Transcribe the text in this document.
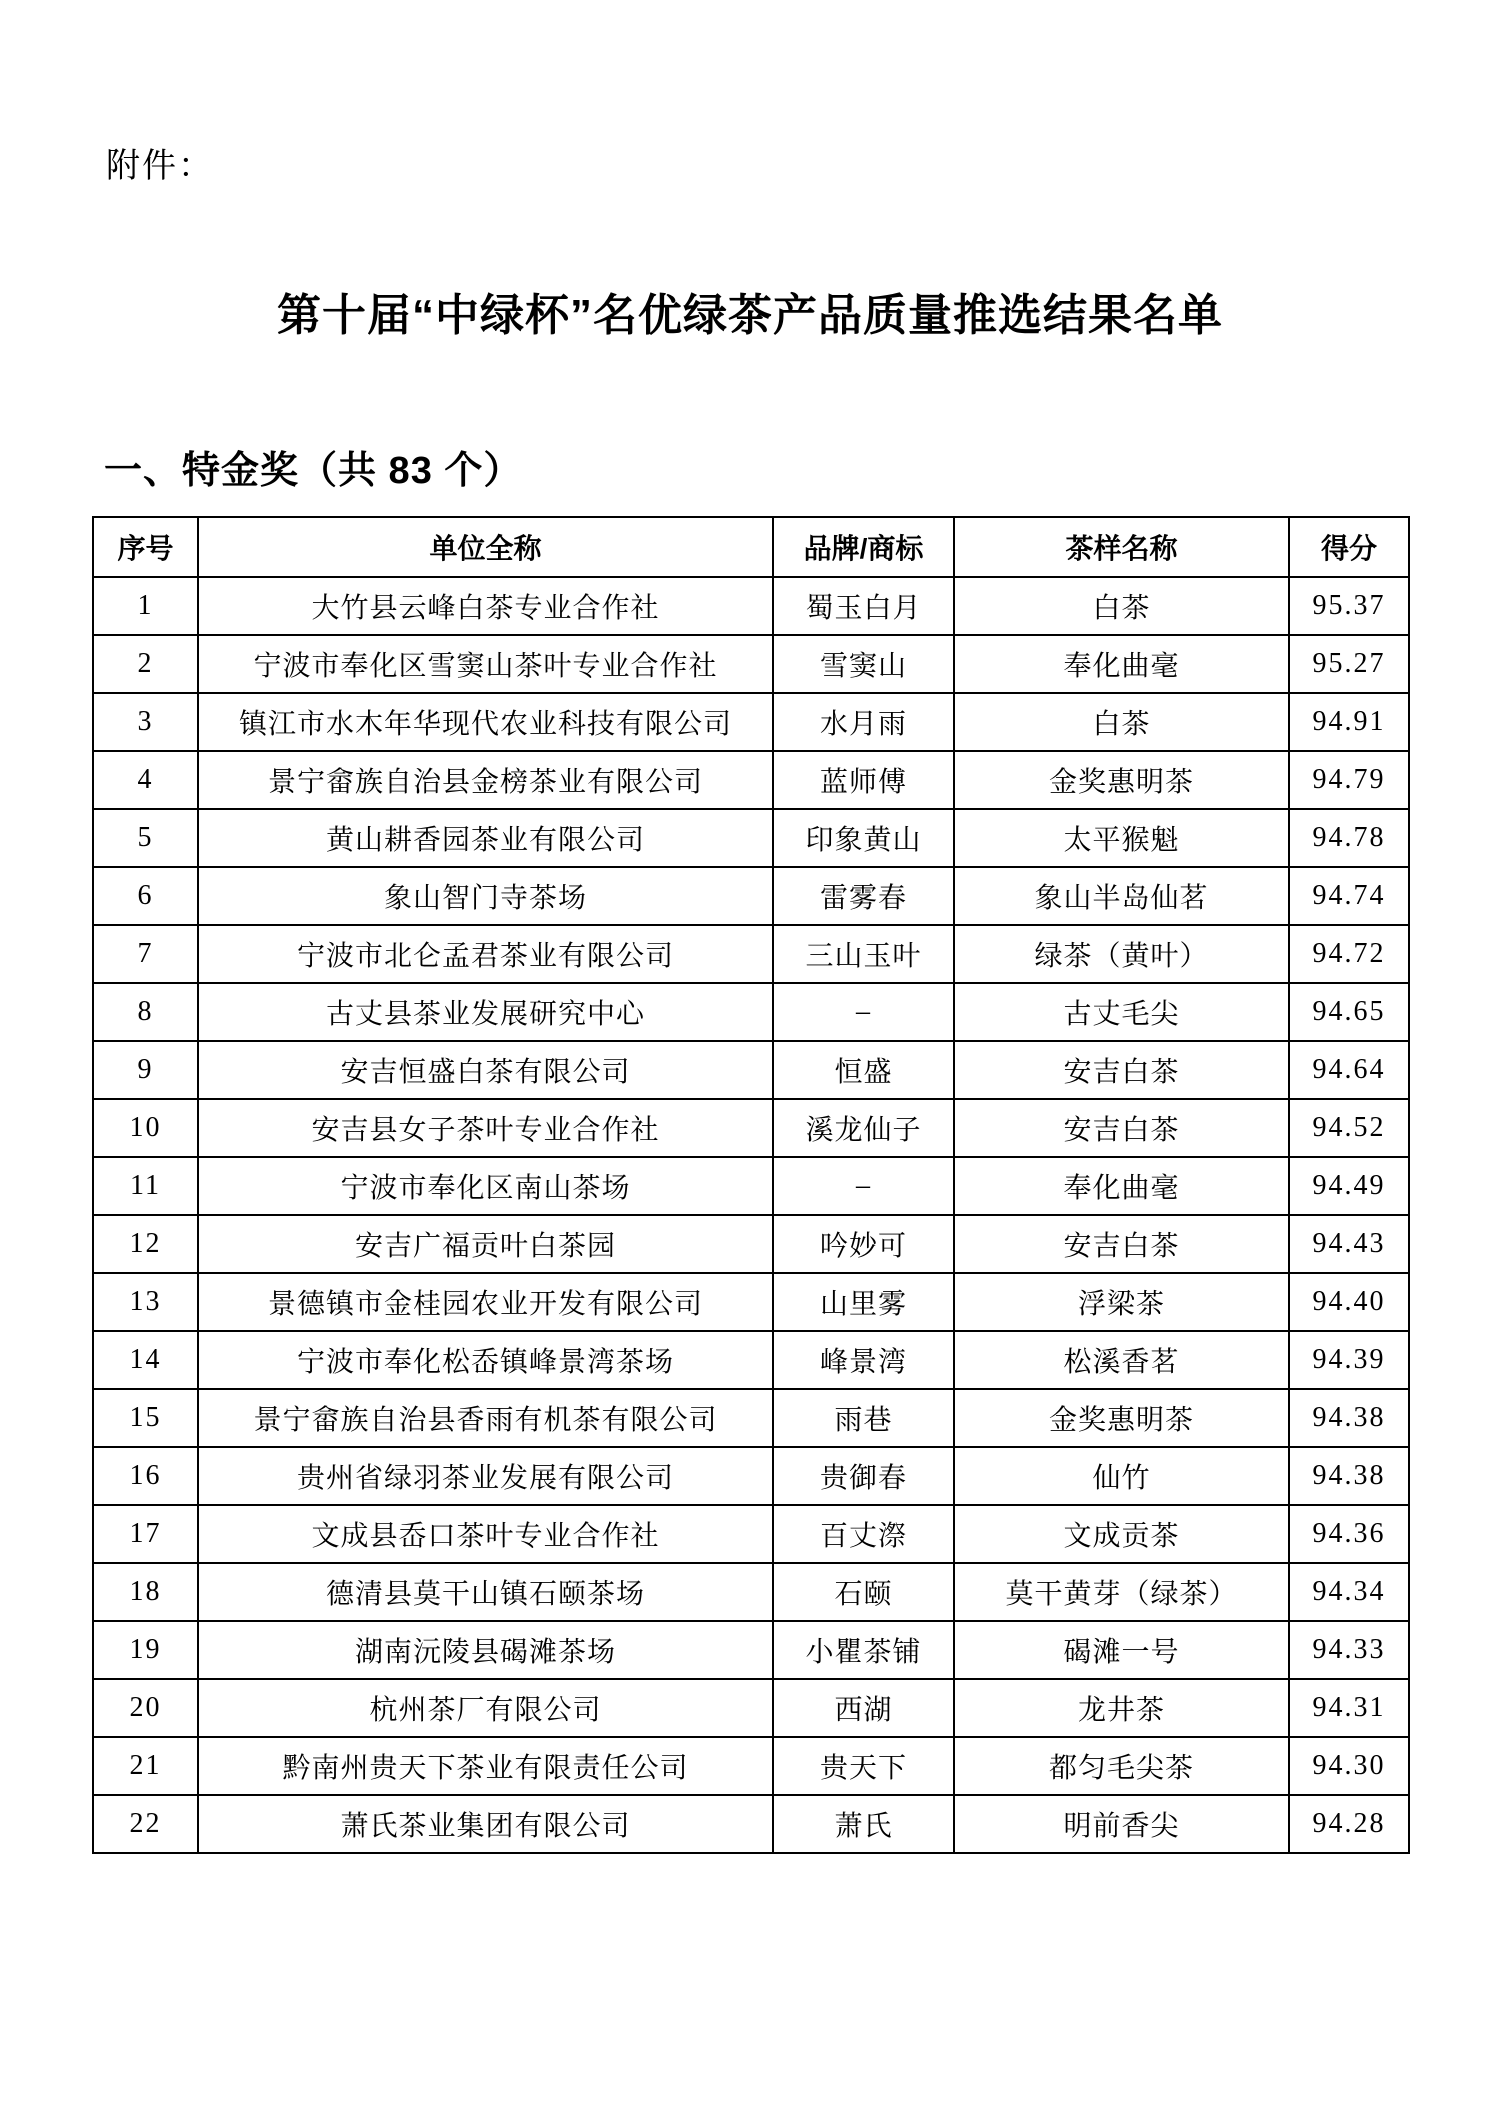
附件：

第十届“中绿杯”名优绿茶产品质量推选结果名单
一、特金奖（共 83 个）
序号	单位全称	品牌/商标	茶样名称	得分
1	大竹县云峰白茶专业合作社	蜀玉白月	白茶	95.37
2	宁波市奉化区雪窦山茶叶专业合作社	雪窦山	奉化曲毫	95.27
3	镇江市水木年华现代农业科技有限公司	水月雨	白茶	94.91
4	景宁畲族自治县金榜茶业有限公司	蓝师傅	金奖惠明茶	94.79
5	黄山耕香园茶业有限公司	印象黄山	太平猴魁	94.78
6	象山智门寺茶场	雷雾春	象山半岛仙茗	94.74
7	宁波市北仑孟君茶业有限公司	三山玉叶	绿茶（黄叶）	94.72
8	古丈县茶业发展研究中心	–	古丈毛尖	94.65
9	安吉恒盛白茶有限公司	恒盛	安吉白茶	94.64
10	安吉县女子茶叶专业合作社	溪龙仙子	安吉白茶	94.52
11	宁波市奉化区南山茶场	–	奉化曲毫	94.49
12	安吉广福贡叶白茶园	吟妙可	安吉白茶	94.43
13	景德镇市金桂园农业开发有限公司	山里雾	浮梁茶	94.40
14	宁波市奉化松岙镇峰景湾茶场	峰景湾	松溪香茗	94.39
15	景宁畲族自治县香雨有机茶有限公司	雨巷	金奖惠明茶	94.38
16	贵州省绿羽茶业发展有限公司	贵御春	仙竹	94.38
17	文成县岙口茶叶专业合作社	百丈漈	文成贡茶	94.36
18	德清县莫干山镇石颐茶场	石颐	莫干黄芽（绿茶）	94.34
19	湖南沅陵县碣滩茶场	小瞿茶铺	碣滩一号	94.33
20	杭州茶厂有限公司	西湖	龙井茶	94.31
21	黔南州贵天下茶业有限责任公司	贵天下	都匀毛尖茶	94.30
22	萧氏茶业集团有限公司	萧氏	明前香尖	94.28
